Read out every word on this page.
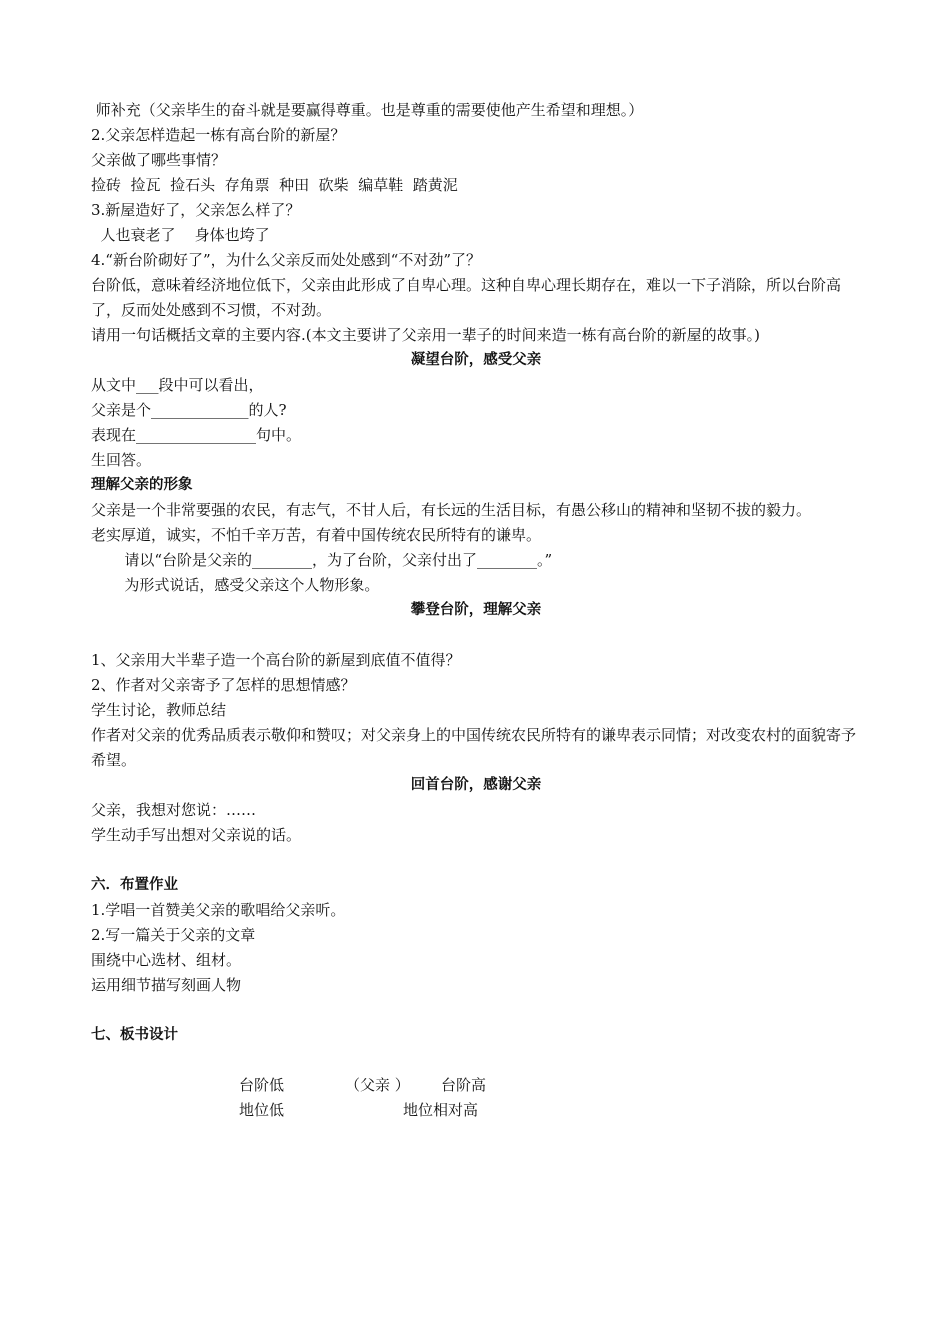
师补充（父亲毕生的奋斗就是要赢得尊重。也是尊重的需要使他产生希望和理想。）
2.父亲怎样造起一栋有高台阶的新屋？
父亲做了哪些事情？
捡砖  捡瓦  捡石头  存角票  种田  砍柴  编草鞋  踏黄泥
3.新屋造好了，父亲怎么样了？
人也衰老了    身体也垮了
4.“新台阶砌好了”，为什么父亲反而处处感到“不对劲”了？
台阶低，意味着经济地位低下，父亲由此形成了自卑心理。这种自卑心理长期存在，难以一下子消除，所以台阶高了，反而处处感到不习惯，不对劲。
请用一句话概括文章的主要内容.(本文主要讲了父亲用一辈子的时间来造一栋有高台阶的新屋的故事。)
凝望台阶，感受父亲
从文中___段中可以看出，
父亲是个_____________的人?
表现在________________句中。
生回答。
理解父亲的形象
父亲是一个非常要强的农民，有志气，不甘人后，有长远的生活目标，有愚公移山的精神和坚韧不拔的毅力。
老实厚道，诚实，不怕千辛万苦，有着中国传统农民所特有的谦卑。
请以“台阶是父亲的________，为了台阶，父亲付出了________。”
为形式说话，感受父亲这个人物形象。
攀登台阶，理解父亲
1、父亲用大半辈子造一个高台阶的新屋到底值不值得？
2、作者对父亲寄予了怎样的思想情感？
学生讨论，教师总结
作者对父亲的优秀品质表示敬仰和赞叹；对父亲身上的中国传统农民所特有的谦卑表示同情；对改变农村的面貌寄予希望。
回首台阶，感谢父亲
父亲，我想对您说：……
学生动手写出想对父亲说的话。
六．布置作业
1.学唱一首赞美父亲的歌唱给父亲听。
2.写一篇关于父亲的文章
围绕中心选材、组材。
运用细节描写刻画人物
七、板书设计
台阶低	（父亲 ） 台阶高
地位低	地位相对高
